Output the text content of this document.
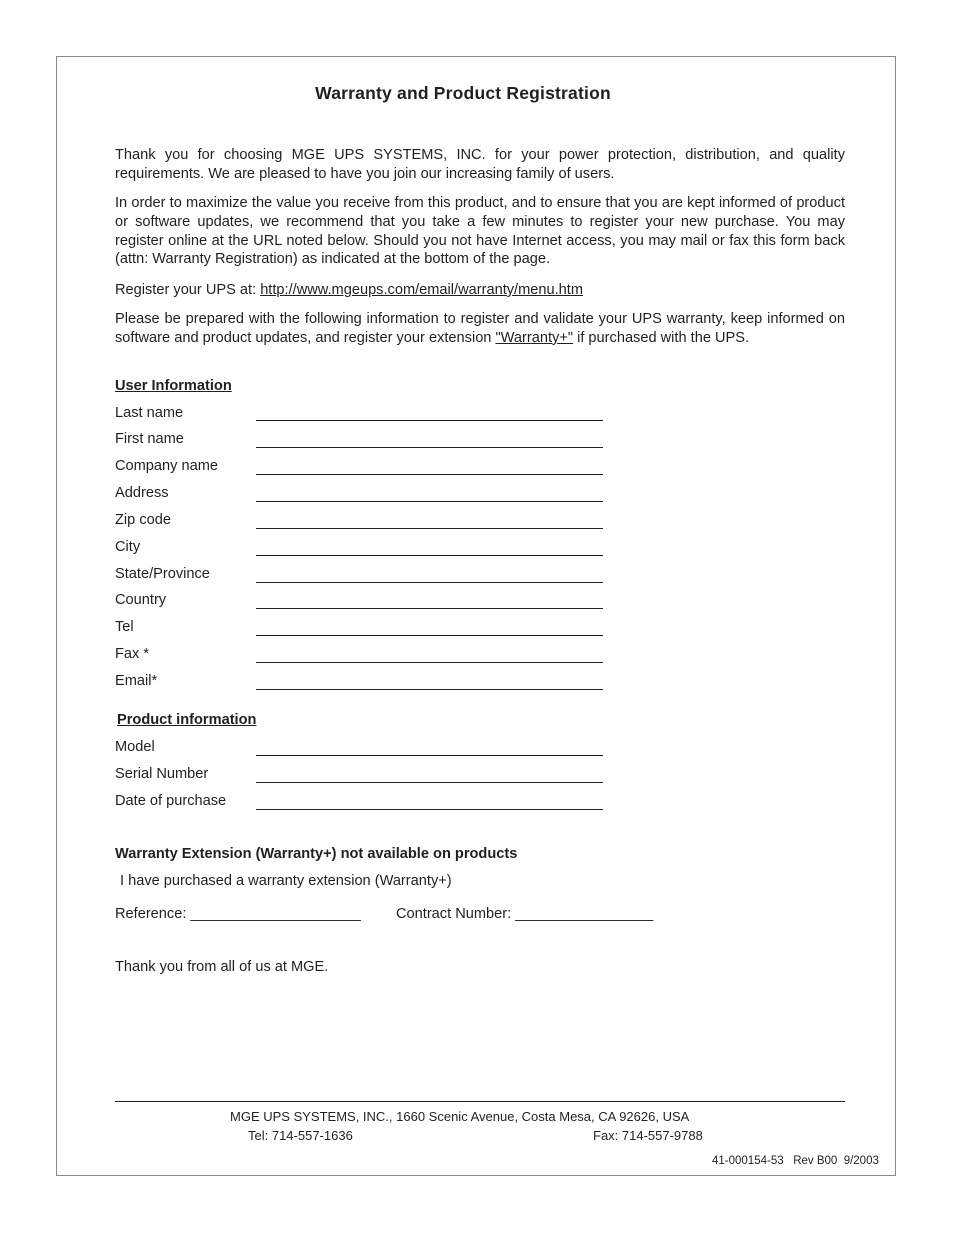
Warranty and Product Registration

Thank you for choosing MGE UPS SYSTEMS, INC. for your power protection, distribution, and quality requirements. We are pleased to have you join our increasing family of users.

In order to maximize the value you receive from this product, and to ensure that you are kept informed of product or software updates, we recommend that you take a few minutes to register your new purchase. You may register online at the URL noted below. Should you not have Internet access, you may mail or fax this form back (attn: Warranty Registration) as indicated at the bottom of the page.

Register your UPS at: http://www.mgeups.com/email/warranty/menu.htm

Please be prepared with the following information to register and validate your UPS warranty, keep informed on software and product updates, and register your extension "Warranty+" if purchased with the UPS.

User Information
Last name
First name
Company name
Address
Zip code
City
State/Province
Country
Tel
Fax *
Email*
Product information
Model
Serial Number
Date of purchase
Warranty Extension (Warranty+) not available on products
I have purchased a warranty extension (Warranty+)
Reference: _____________________ Contract Number: _________________
Thank you from all of us at MGE.
MGE UPS SYSTEMS, INC., 1660 Scenic Avenue, Costa Mesa, CA 92626, USA
Tel: 714-557-1636	Fax: 714-557-9788
41-000154-53   Rev B00  9/2003
